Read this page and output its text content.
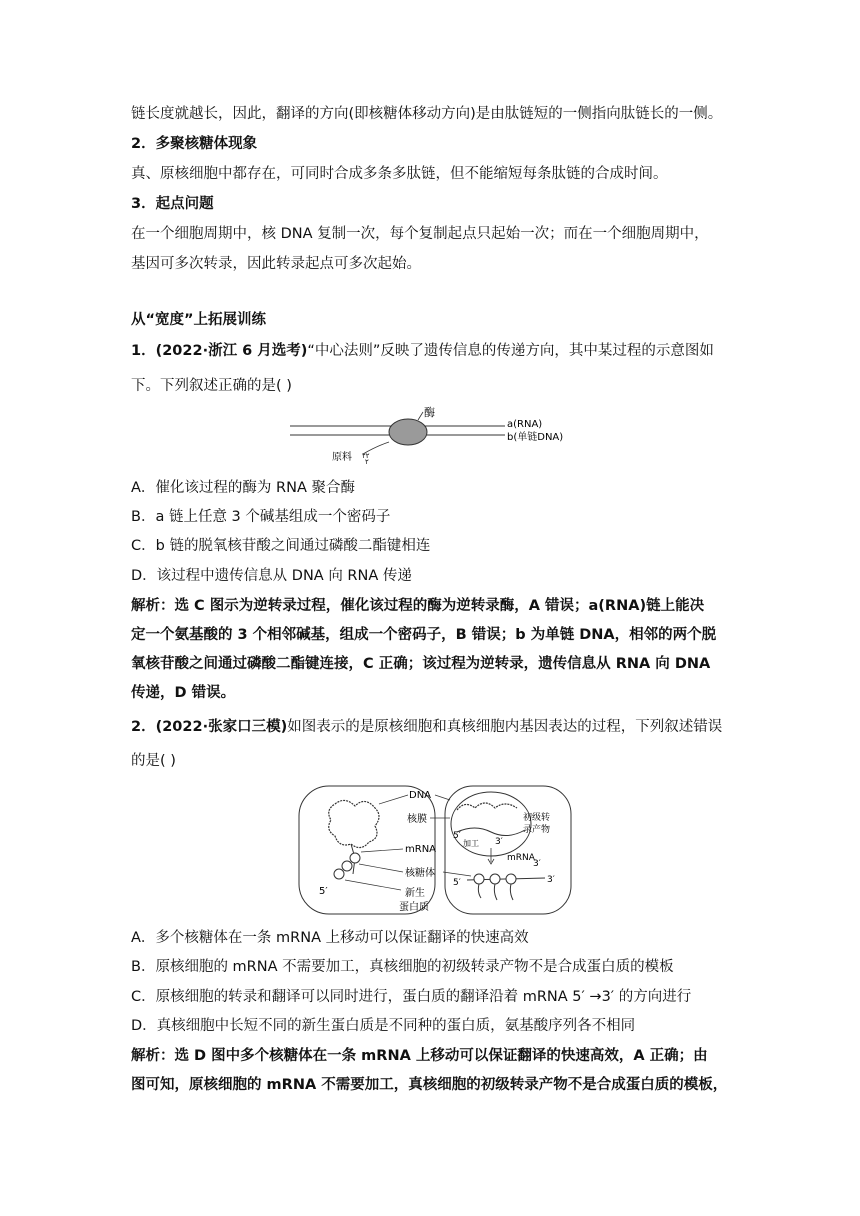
链长度就越长，因此，翻译的方向(即核糖体移动方向)是由肽链短的一侧指向肽链长的一侧。
2．多聚核糖体现象
真、原核细胞中都存在，可同时合成多条多肽链，但不能缩短每条肽链的合成时间。
3．起点问题
在一个细胞周期中，核 DNA 复制一次，每个复制起点只起始一次；而在一个细胞周期中，
基因可多次转录，因此转录起点可多次起始。
从“宽度”上拓展训练
1．(2022·浙江 6 月选考)“中心法则”反映了遗传信息的传递方向，其中某过程的示意图如
下。下列叙述正确的是( )
酶
a(RNA)
b(单链DNA)
原料 ٢٢
٢
A．催化该过程的酶为 RNA 聚合酶
B．a 链上任意 3 个碱基组成一个密码子
C．b 链的脱氧核苷酸之间通过磷酸二酯键相连
D．该过程中遗传信息从 DNA 向 RNA 传递
解析：选 C 图示为逆转录过程，催化该过程的酶为逆转录酶，A 错误；a(RNA)链上能决
定一个氨基酸的 3 个相邻碱基，组成一个密码子，B 错误；b 为单链 DNA，相邻的两个脱
氧核苷酸之间通过磷酸二酯键连接，C 正确；该过程为逆转录，遗传信息从 RNA 向 DNA
传递，D 错误。
2．(2022·张家口三模)如图表示的是原核细胞和真核细胞内基因表达的过程，下列叙述错误
的是( )
5′
DNA
核膜
mRNA
核糖体
新生
蛋白质
5′
加工 3′
初级转
录产物
mRNA
5′	3′
3′
A．多个核糖体在一条 mRNA 上移动可以保证翻译的快速高效
B．原核细胞的 mRNA 不需要加工，真核细胞的初级转录产物不是合成蛋白质的模板
C．原核细胞的转录和翻译可以同时进行，蛋白质的翻译沿着 mRNA 5′ →3′ 的方向进行
D．真核细胞中长短不同的新生蛋白质是不同种的蛋白质，氨基酸序列各不相同
解析：选 D 图中多个核糖体在一条 mRNA 上移动可以保证翻译的快速高效，A 正确；由
图可知，原核细胞的 mRNA 不需要加工，真核细胞的初级转录产物不是合成蛋白质的模板，
